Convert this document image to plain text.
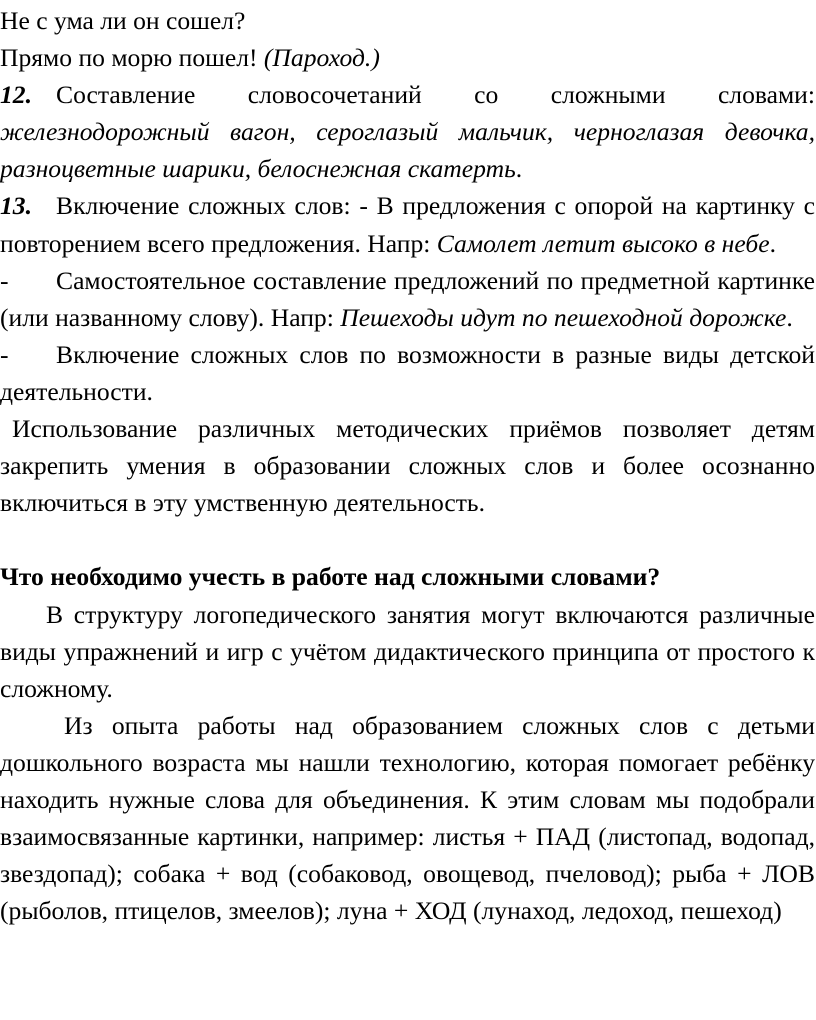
Не с ума ли он сошел?

Прямо по морю пошел! (Пароход.)

12. Составление словосочетаний со сложными словами: железнодорожный вагон, сероглазый мальчик, черноглазая девочка, разноцветные шарики, белоснежная скатерть.

13. Включение сложных слов: - В предложения с опорой на картинку с повторением всего предложения. Напр: Самолет летит высоко в небе.

- Самостоятельное составление предложений по предметной картинке (или названному слову). Напр: Пешеходы идут по пешеходной дорожке.

- Включение сложных слов по возможности в разные виды детской деятельности.

Использование различных методических приёмов позволяет детям закрепить умения в образовании сложных слов и более осознанно включиться в эту умственную деятельность.

Что необходимо учесть в работе над сложными словами?

В структуру логопедического занятия могут включаются различные виды упражнений и игр с учётом дидактического принципа от простого к сложному.

Из опыта работы над образованием сложных слов с детьми дошкольного возраста мы нашли технологию, которая помогает ребёнку находить нужные слова для объединения. К этим словам мы подобрали взаимосвязанные картинки, например: листья + ПАД (листопад, водопад, звездопад); собака + вод (собаковод, овощевод, пчеловод); рыба + ЛОВ (рыболов, птицелов, змеелов); луна + ХОД (лунаход, ледоход, пешеход)
